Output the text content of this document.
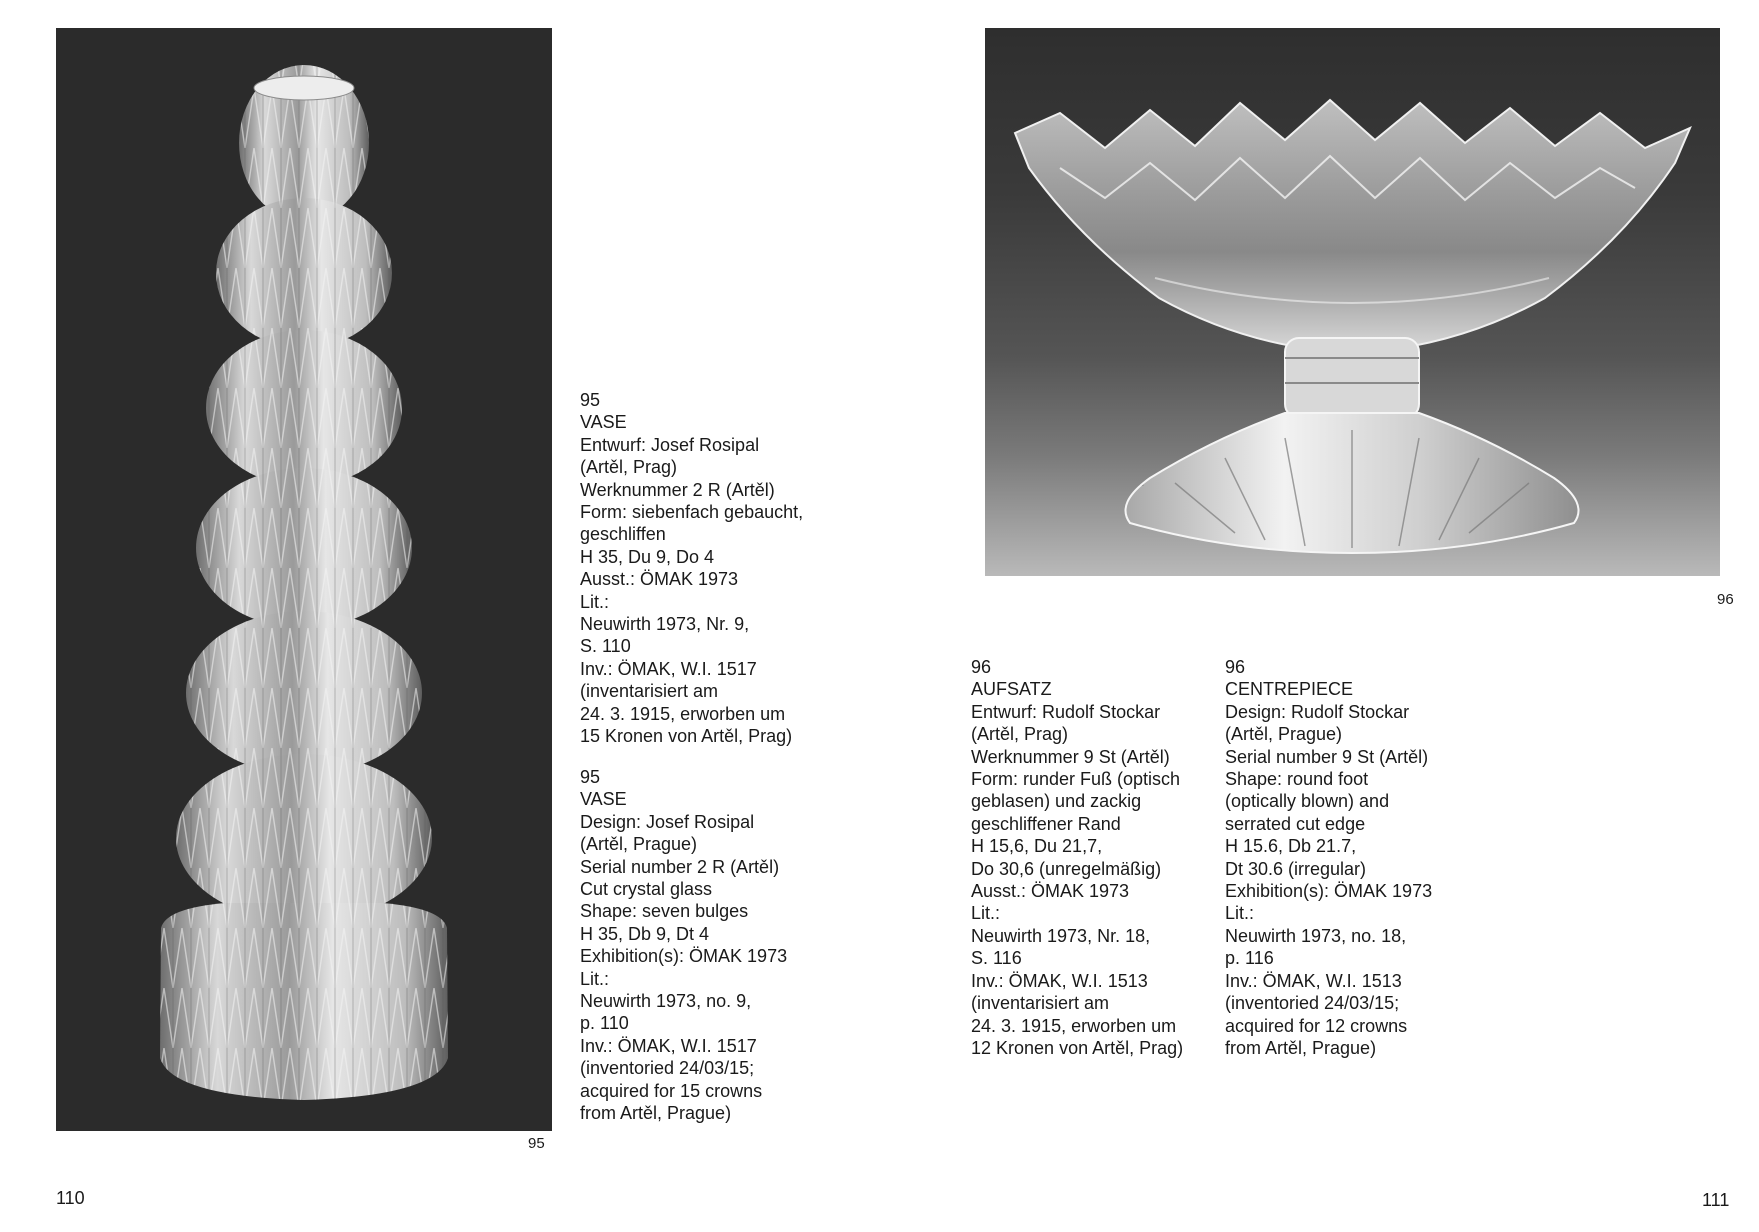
95
110
95
VASE
Entwurf: Josef Rosipal
(Artěl, Prag)
Werknummer 2 R (Artěl)
Form: siebenfach gebaucht,
geschliffen
H 35, Du 9, Do 4
Ausst.: ÖMAK 1973
Lit.:
Neuwirth 1973, Nr. 9,
S. 110
Inv.: ÖMAK, W.I. 1517
(inventarisiert am
24. 3. 1915, erworben um
15 Kronen von Artěl, Prag)
95
VASE
Design: Josef Rosipal
(Artěl, Prague)
Serial number 2 R (Artěl)
Cut crystal glass
Shape: seven bulges
H 35, Db 9, Dt 4
Exhibition(s): ÖMAK 1973
Lit.:
Neuwirth 1973, no. 9,
p. 110
Inv.: ÖMAK, W.I. 1517
(inventoried 24/03/15;
acquired for 15 crowns
from Artěl, Prague)
96
111
96
AUFSATZ
Entwurf: Rudolf Stockar
(Artěl, Prag)
Werknummer 9 St (Artěl)
Form: runder Fuß (optisch
geblasen) und zackig
geschliffener Rand
H 15,6, Du 21,7,
Do 30,6 (unregelmäßig)
Ausst.: ÖMAK 1973
Lit.:
Neuwirth 1973, Nr. 18,
S. 116
Inv.: ÖMAK, W.I. 1513
(inventarisiert am
24. 3. 1915, erworben um
12 Kronen von Artěl, Prag)
96
CENTREPIECE
Design: Rudolf Stockar
(Artěl, Prague)
Serial number 9 St (Artěl)
Shape: round foot
(optically blown) and
serrated cut edge
H 15.6, Db 21.7,
Dt 30.6 (irregular)
Exhibition(s): ÖMAK 1973
Lit.:
Neuwirth 1973, no. 18,
p. 116
Inv.: ÖMAK, W.I. 1513
(inventoried 24/03/15;
acquired for 12 crowns
from Artěl, Prague)
